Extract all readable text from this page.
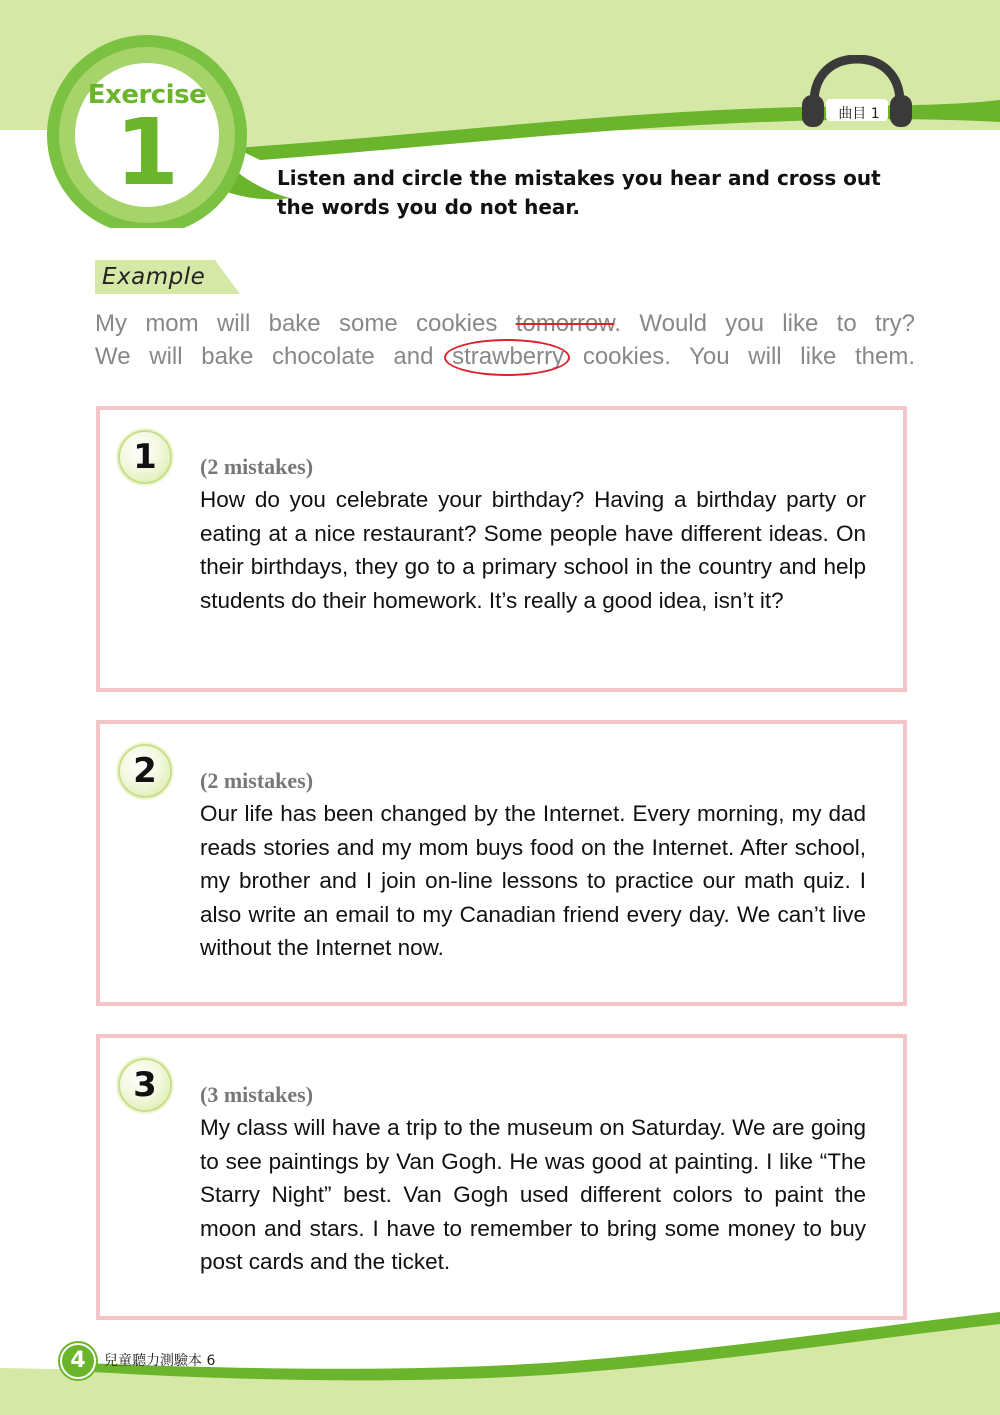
Exercise
1	曲目 1
Listen and circle the mistakes you hear and cross out the words you do not hear.
Example
My mom will bake some cookies tomorrow. Would you like to try?
We will bake chocolate and strawberry cookies. You will like them.
1	(2 mistakes)

How do you celebrate your birthday? Having a birthday party or eating at a nice restaurant? Some people have different ideas. On their birthdays, they go to a primary school in the country and help students do their homework. It’s really a good idea, isn’t it?

2	(2 mistakes)

Our life has been changed by the Internet. Every morning, my dad reads stories and my mom buys food on the Internet. After school, my brother and I join on-line lessons to practice our math quiz. I also write an email to my Canadian friend every day. We can’t live without the Internet now.

3	(3 mistakes)

My class will have a trip to the museum on Saturday. We are going to see paintings by Van Gogh. He was good at painting. I like “The Starry Night” best. Van Gogh used different colors to paint the moon and stars. I have to remember to bring some money to buy post cards and the ticket.

4	兒童聽力測驗本 6
